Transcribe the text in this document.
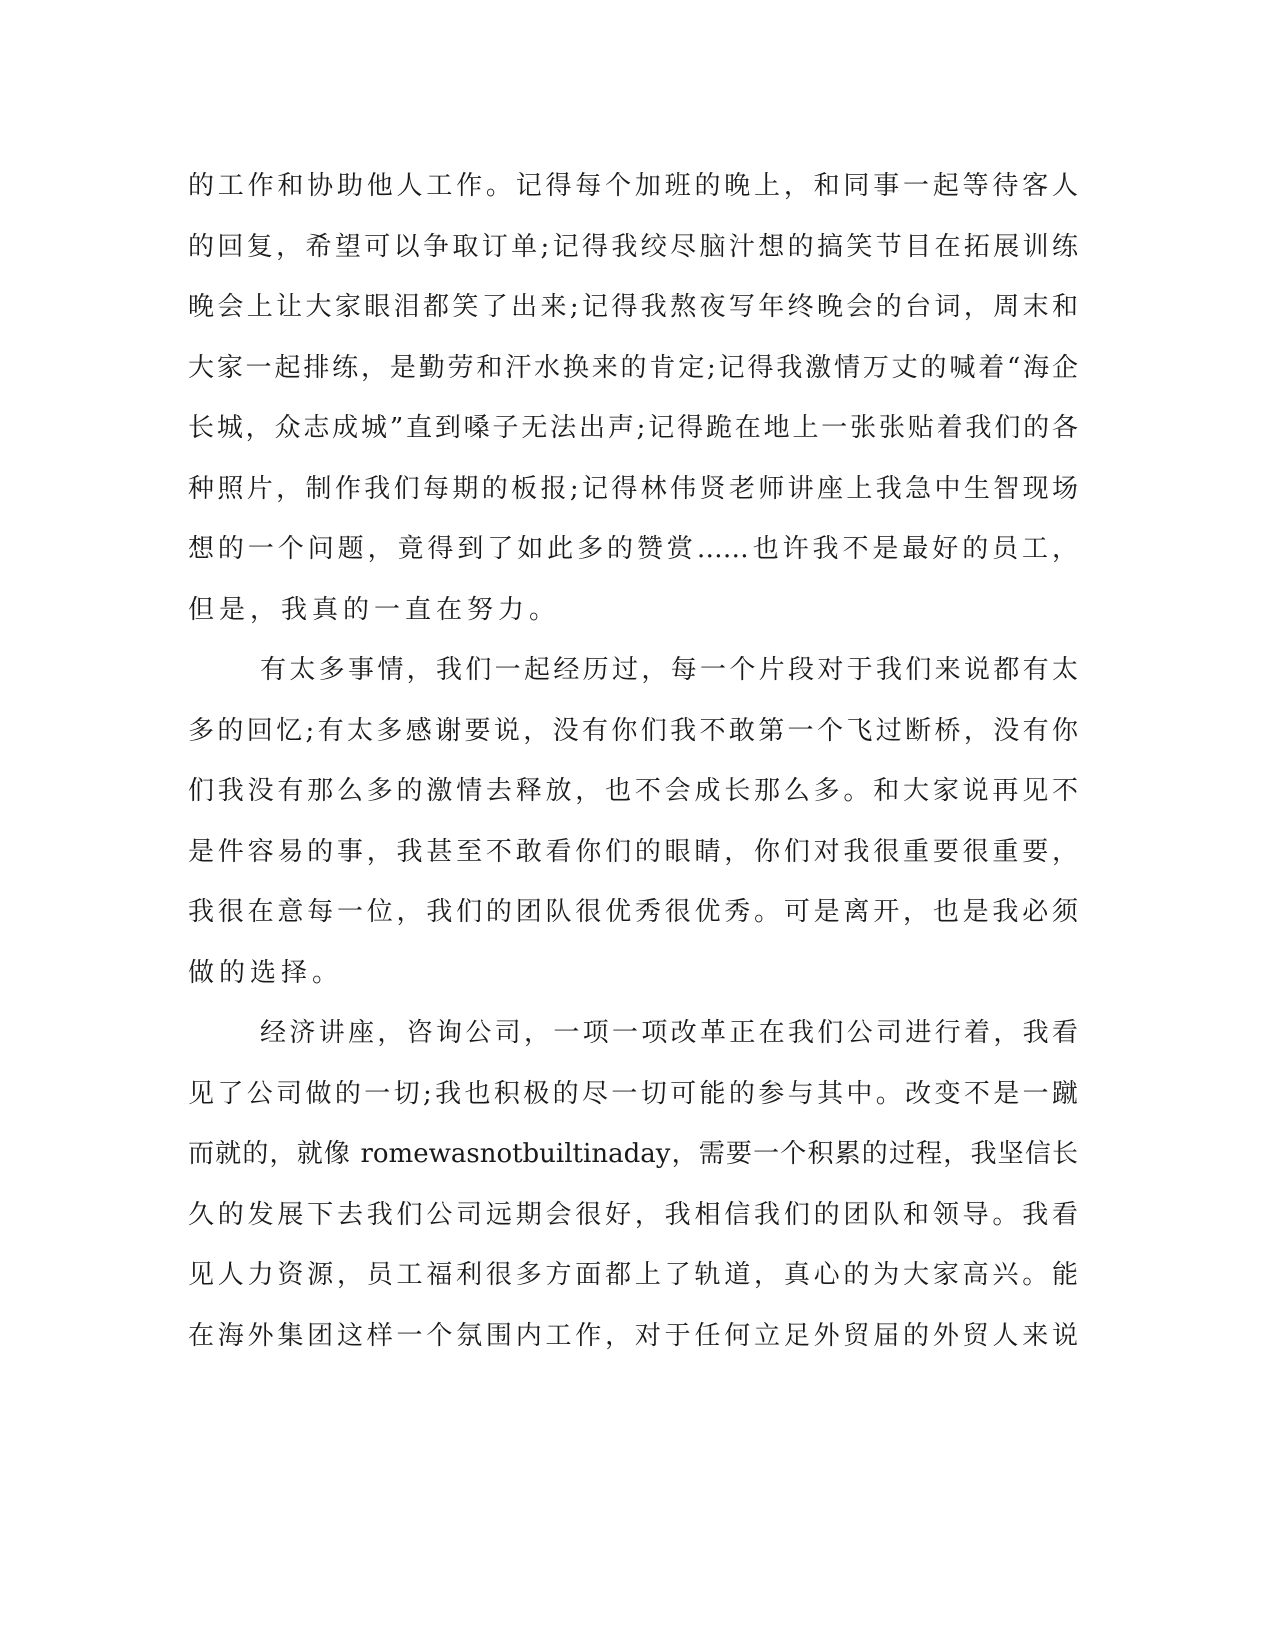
的工作和协助他人工作。记得每个加班的晚上，和同事一起等待客人
的回复，希望可以争取订单;记得我绞尽脑汁想的搞笑节目在拓展训练
晚会上让大家眼泪都笑了出来;记得我熬夜写年终晚会的台词，周末和
大家一起排练，是勤劳和汗水换来的肯定;记得我激情万丈的喊着“海企
长城，众志成城”直到嗓子无法出声;记得跪在地上一张张贴着我们的各
种照片，制作我们每期的板报;记得林伟贤老师讲座上我急中生智现场
想的一个问题，竟得到了如此多的赞赏……也许我不是最好的员工，
但是，我真的一直在努力。
有太多事情，我们一起经历过，每一个片段对于我们来说都有太
多的回忆;有太多感谢要说，没有你们我不敢第一个飞过断桥，没有你
们我没有那么多的激情去释放，也不会成长那么多。和大家说再见不
是件容易的事，我甚至不敢看你们的眼睛，你们对我很重要很重要，
我很在意每一位，我们的团队很优秀很优秀。可是离开，也是我必须
做的选择。
经济讲座，咨询公司，一项一项改革正在我们公司进行着，我看
见了公司做的一切;我也积极的尽一切可能的参与其中。改变不是一蹴
而就的，就像 romewasnotbuiltinaday，需要一个积累的过程，我坚信长
久的发展下去我们公司远期会很好，我相信我们的团队和领导。我看
见人力资源，员工福利很多方面都上了轨道，真心的为大家高兴。能
在海外集团这样一个氛围内工作，对于任何立足外贸届的外贸人来说
